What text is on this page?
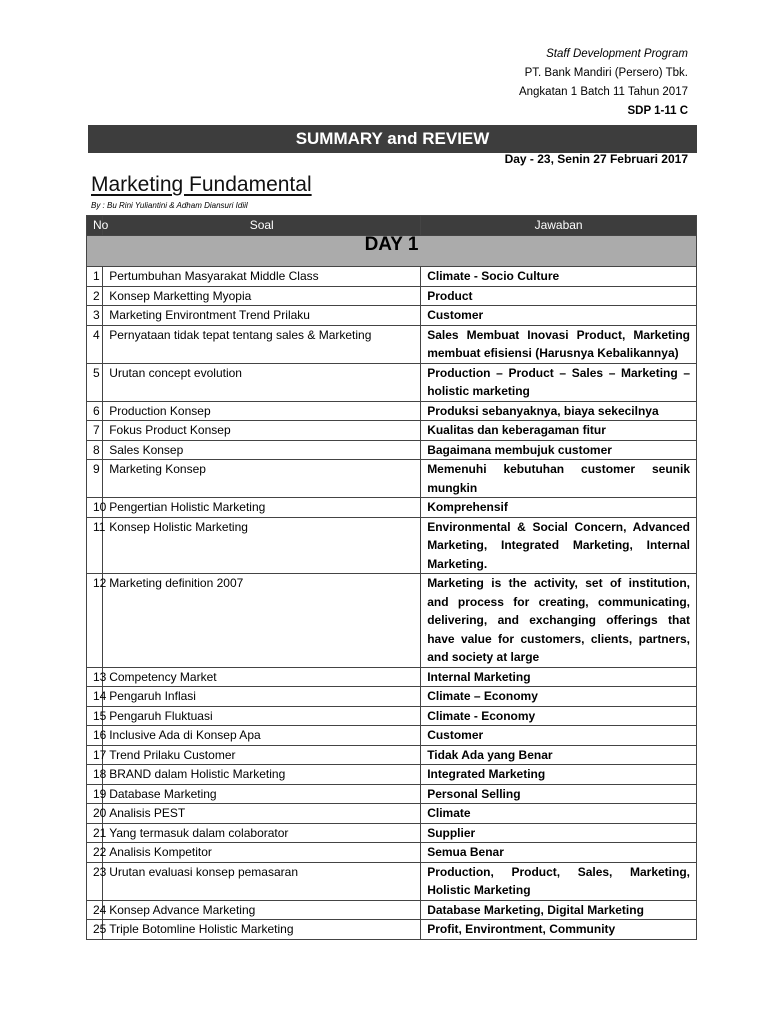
Staff Development Program
PT. Bank Mandiri (Persero) Tbk.
Angkatan 1 Batch 11 Tahun 2017
SDP 1-11 C
SUMMARY and REVIEW
Day - 23, Senin 27 Februari 2017
Marketing Fundamental
By : Bu Rini Yuliantini & Adham Diansuri Idiil
No	Soal	Jawaban
DAY 1		
1	Pertumbuhan Masyarakat Middle Class	Climate - Socio Culture
2	Konsep Marketting Myopia	Product
3	Marketing Environtment Trend Prilaku	Customer
4	Pernyataan tidak tepat tentang sales & Marketing	Sales Membuat Inovasi Product, Marketing membuat efisiensi (Harusnya Kebalikannya)
5	Urutan concept evolution	Production – Product – Sales – Marketing – holistic marketing
6	Production Konsep	Produksi sebanyaknya, biaya sekecilnya
7	Fokus Product Konsep	Kualitas dan keberagaman fitur
8	Sales Konsep	Bagaimana membujuk customer
9	Marketing Konsep	Memenuhi kebutuhan customer seunik mungkin
10	Pengertian Holistic Marketing	Komprehensif
11	Konsep Holistic Marketing	Environmental & Social Concern, Advanced Marketing, Integrated Marketing, Internal Marketing.
12	Marketing definition 2007	Marketing is the activity, set of institution, and process for creating, communicating, delivering, and exchanging offerings that have value for customers, clients, partners, and society at large
13	Competency Market	Internal Marketing
14	Pengaruh Inflasi	Climate – Economy
15	Pengaruh Fluktuasi	Climate - Economy
16	Inclusive Ada di Konsep Apa	Customer
17	Trend Prilaku Customer	Tidak Ada yang Benar
18	BRAND dalam Holistic Marketing	Integrated Marketing
19	Database Marketing	Personal Selling
20	Analisis PEST	Climate
21	Yang termasuk dalam colaborator	Supplier
22	Analisis Kompetitor	Semua Benar
23	Urutan evaluasi konsep pemasaran	Production, Product, Sales, Marketing, Holistic Marketing
24	Konsep Advance Marketing	Database Marketing, Digital Marketing
25	Triple Botomline Holistic Marketing	Profit, Environtment, Community
